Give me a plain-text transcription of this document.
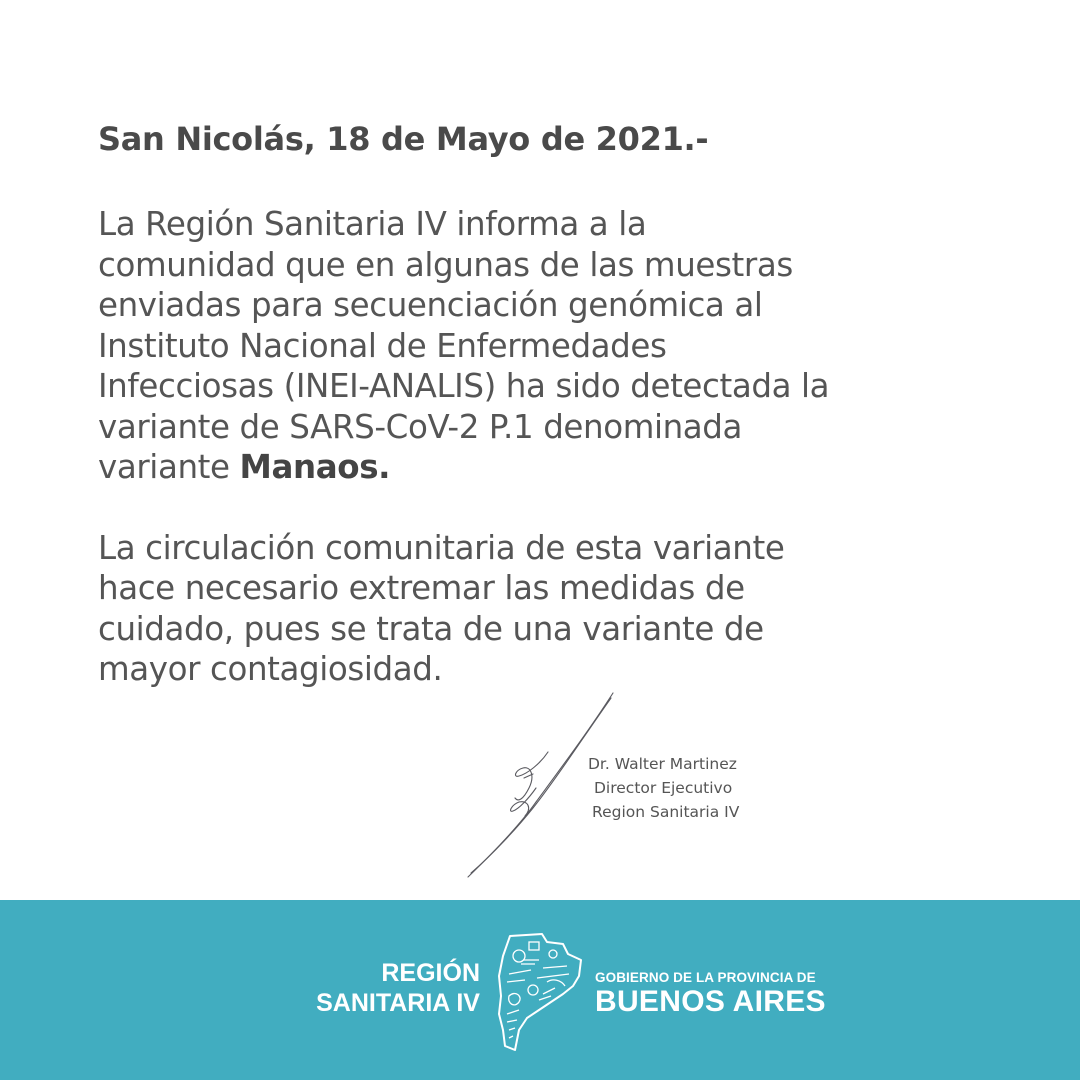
San Nicolás, 18 de Mayo de 2021.-

La Región Sanitaria IV informa a la
comunidad que en algunas de las muestras
enviadas para secuenciación genómica al
Instituto Nacional de Enfermedades
Infecciosas (INEI-ANALIS) ha sido detectada la
variante de SARS-CoV-2 P.1 denominada
variante Manaos.

La circulación comunitaria de esta variante
hace necesario extremar las medidas de
cuidado, pues se trata de una variante de
mayor contagiosidad.

Dr. Walter Martinez
Director Ejecutivo
Region Sanitaria IV
REGIÓN
SANITARIA IV
GOBIERNO DE LA PROVINCIA DE
BUENOS AIRES
